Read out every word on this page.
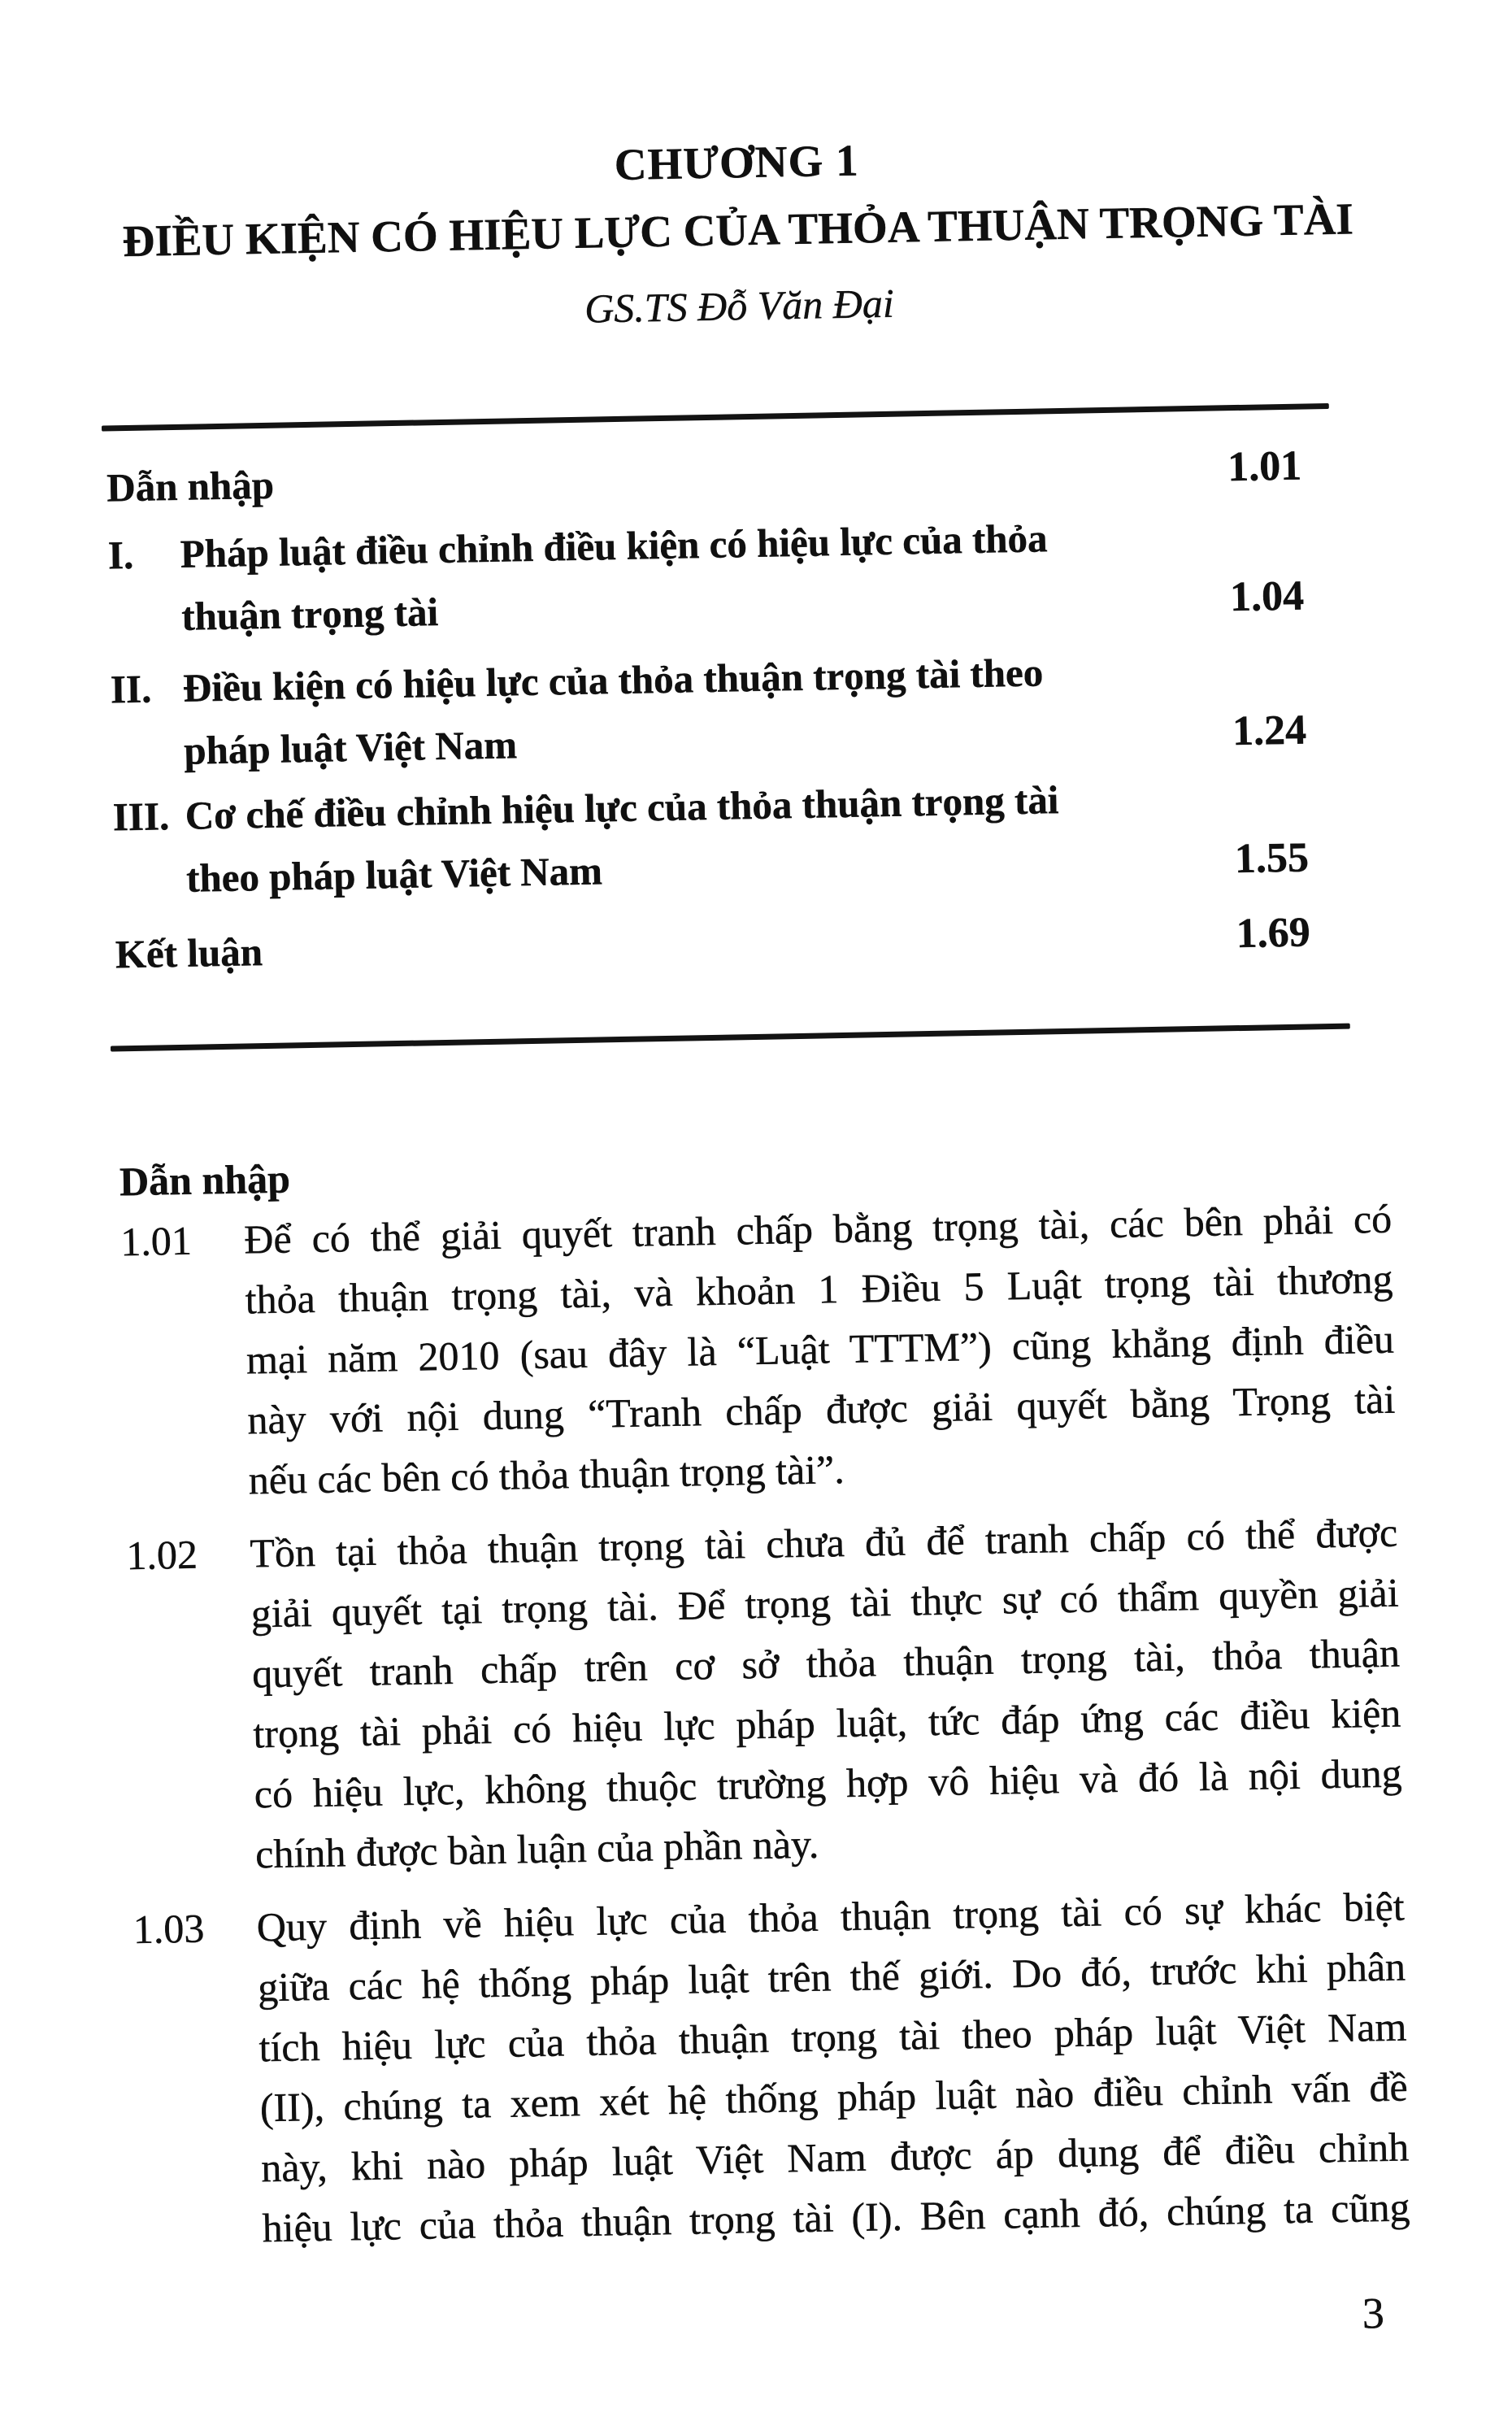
CHƯƠNG 1
ĐIỀU KIỆN CÓ HIỆU LỰC CỦA THỎA THUẬN TRỌNG TÀI
GS.TS Đỗ Văn Đại
Dẫn nhập	1.01
I. Pháp luật điều chỉnh điều kiện có hiệu lực của thỏa
thuận trọng tài	1.04
II. Điều kiện có hiệu lực của thỏa thuận trọng tài theo
pháp luật Việt Nam	1.24
III. Cơ chế điều chỉnh hiệu lực của thỏa thuận trọng tài
theo pháp luật Việt Nam	1.55
Kết luận	1.69
Dẫn nhập
1.01 Để có thể giải quyết tranh chấp bằng trọng tài, các bên phải có
thỏa thuận trọng tài, và khoản 1 Điều 5 Luật trọng tài thương
mại năm 2010 (sau đây là “Luật TTTM”) cũng khẳng định điều
này với nội dung “Tranh chấp được giải quyết bằng Trọng tài
nếu các bên có thỏa thuận trọng tài”.
1.02 Tồn tại thỏa thuận trọng tài chưa đủ để tranh chấp có thể được
giải quyết tại trọng tài. Để trọng tài thực sự có thẩm quyền giải
quyết tranh chấp trên cơ sở thỏa thuận trọng tài, thỏa thuận
trọng tài phải có hiệu lực pháp luật, tức đáp ứng các điều kiện
có hiệu lực, không thuộc trường hợp vô hiệu và đó là nội dung
chính được bàn luận của phần này.
1.03 Quy định về hiệu lực của thỏa thuận trọng tài có sự khác biệt
giữa các hệ thống pháp luật trên thế giới. Do đó, trước khi phân
tích hiệu lực của thỏa thuận trọng tài theo pháp luật Việt Nam
(II), chúng ta xem xét hệ thống pháp luật nào điều chỉnh vấn đề
này, khi nào pháp luật Việt Nam được áp dụng để điều chỉnh
hiệu lực của thỏa thuận trọng tài (I). Bên cạnh đó, chúng ta cũng
3
